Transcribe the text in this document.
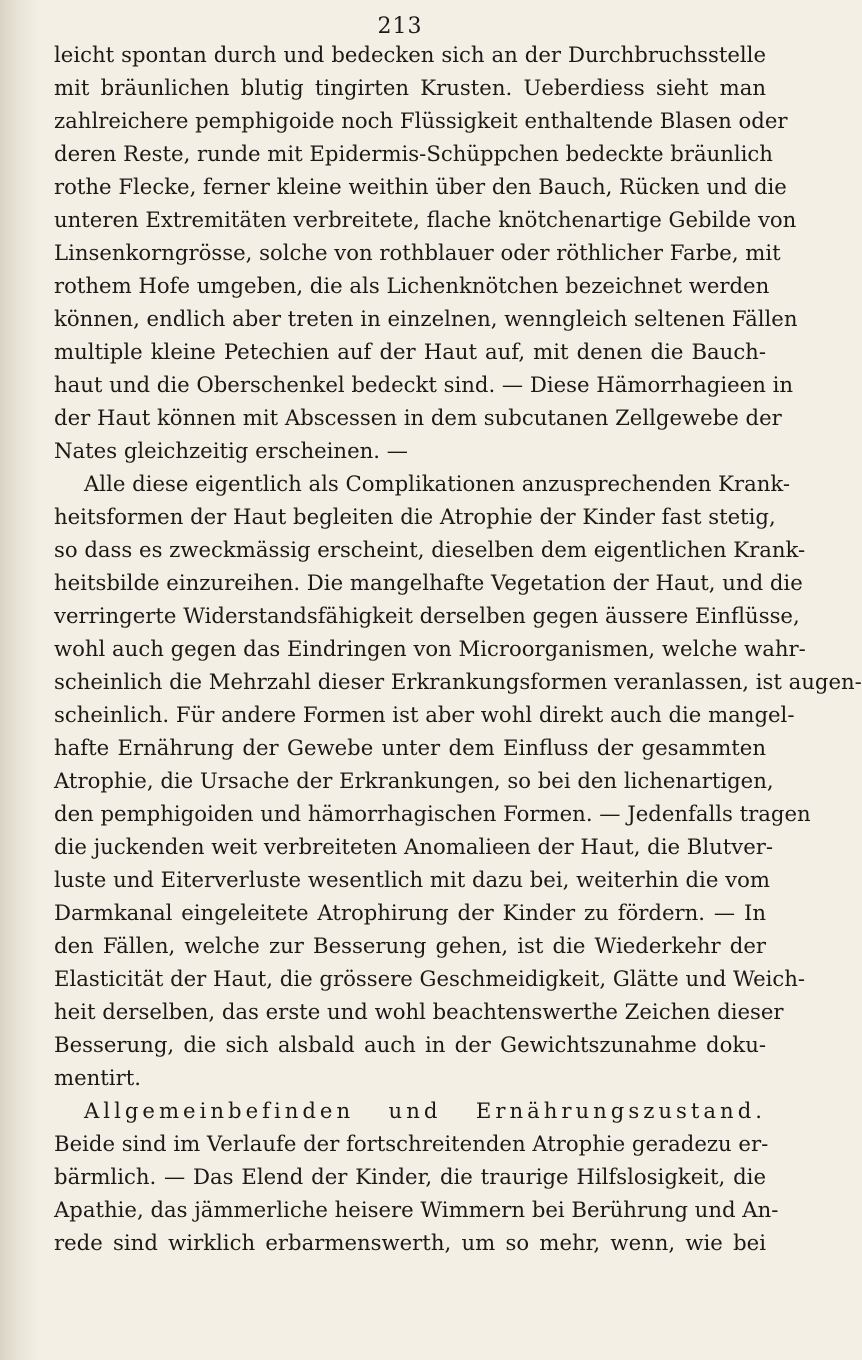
213
leicht spontan durch und bedecken sich an der Durchbruchsstelle
mit bräunlichen blutig tingirten Krusten. Ueberdiess sieht man
zahlreichere pemphigoide noch Flüssigkeit enthaltende Blasen oder
deren Reste, runde mit Epidermis-Schüppchen bedeckte bräunlich
rothe Flecke, ferner kleine weithin über den Bauch, Rücken und die
unteren Extremitäten verbreitete, flache knötchenartige Gebilde von
Linsenkorngrösse, solche von rothblauer oder röthlicher Farbe, mit
rothem Hofe umgeben, die als Lichenknötchen bezeichnet werden
können, endlich aber treten in einzelnen, wenngleich seltenen Fällen
multiple kleine Petechien auf der Haut auf, mit denen die Bauch-
haut und die Oberschenkel bedeckt sind. — Diese Hämorrhagieen in
der Haut können mit Abscessen in dem subcutanen Zellgewebe der
Nates gleichzeitig erscheinen. —
Alle diese eigentlich als Complikationen anzusprechenden Krank-
heitsformen der Haut begleiten die Atrophie der Kinder fast stetig,
so dass es zweckmässig erscheint, dieselben dem eigentlichen Krank-
heitsbilde einzureihen. Die mangelhafte Vegetation der Haut, und die
verringerte Widerstandsfähigkeit derselben gegen äussere Einflüsse,
wohl auch gegen das Eindringen von Microorganismen, welche wahr-
scheinlich die Mehrzahl dieser Erkrankungsformen veranlassen, ist augen-
scheinlich. Für andere Formen ist aber wohl direkt auch die mangel-
hafte Ernährung der Gewebe unter dem Einfluss der gesammten
Atrophie, die Ursache der Erkrankungen, so bei den lichenartigen,
den pemphigoiden und hämorrhagischen Formen. — Jedenfalls tragen
die juckenden weit verbreiteten Anomalieen der Haut, die Blutver-
luste und Eiterverluste wesentlich mit dazu bei, weiterhin die vom
Darmkanal eingeleitete Atrophirung der Kinder zu fördern. — In
den Fällen, welche zur Besserung gehen, ist die Wiederkehr der
Elasticität der Haut, die grössere Geschmeidigkeit, Glätte und Weich-
heit derselben, das erste und wohl beachtenswerthe Zeichen dieser
Besserung, die sich alsbald auch in der Gewichtszunahme doku-
mentirt.
Allgemeinbefinden und Ernährungszustand.
Beide sind im Verlaufe der fortschreitenden Atrophie geradezu er-
bärmlich. — Das Elend der Kinder, die traurige Hilfslosigkeit, die
Apathie, das jämmerliche heisere Wimmern bei Berührung und An-
rede sind wirklich erbarmenswerth, um so mehr, wenn, wie bei
